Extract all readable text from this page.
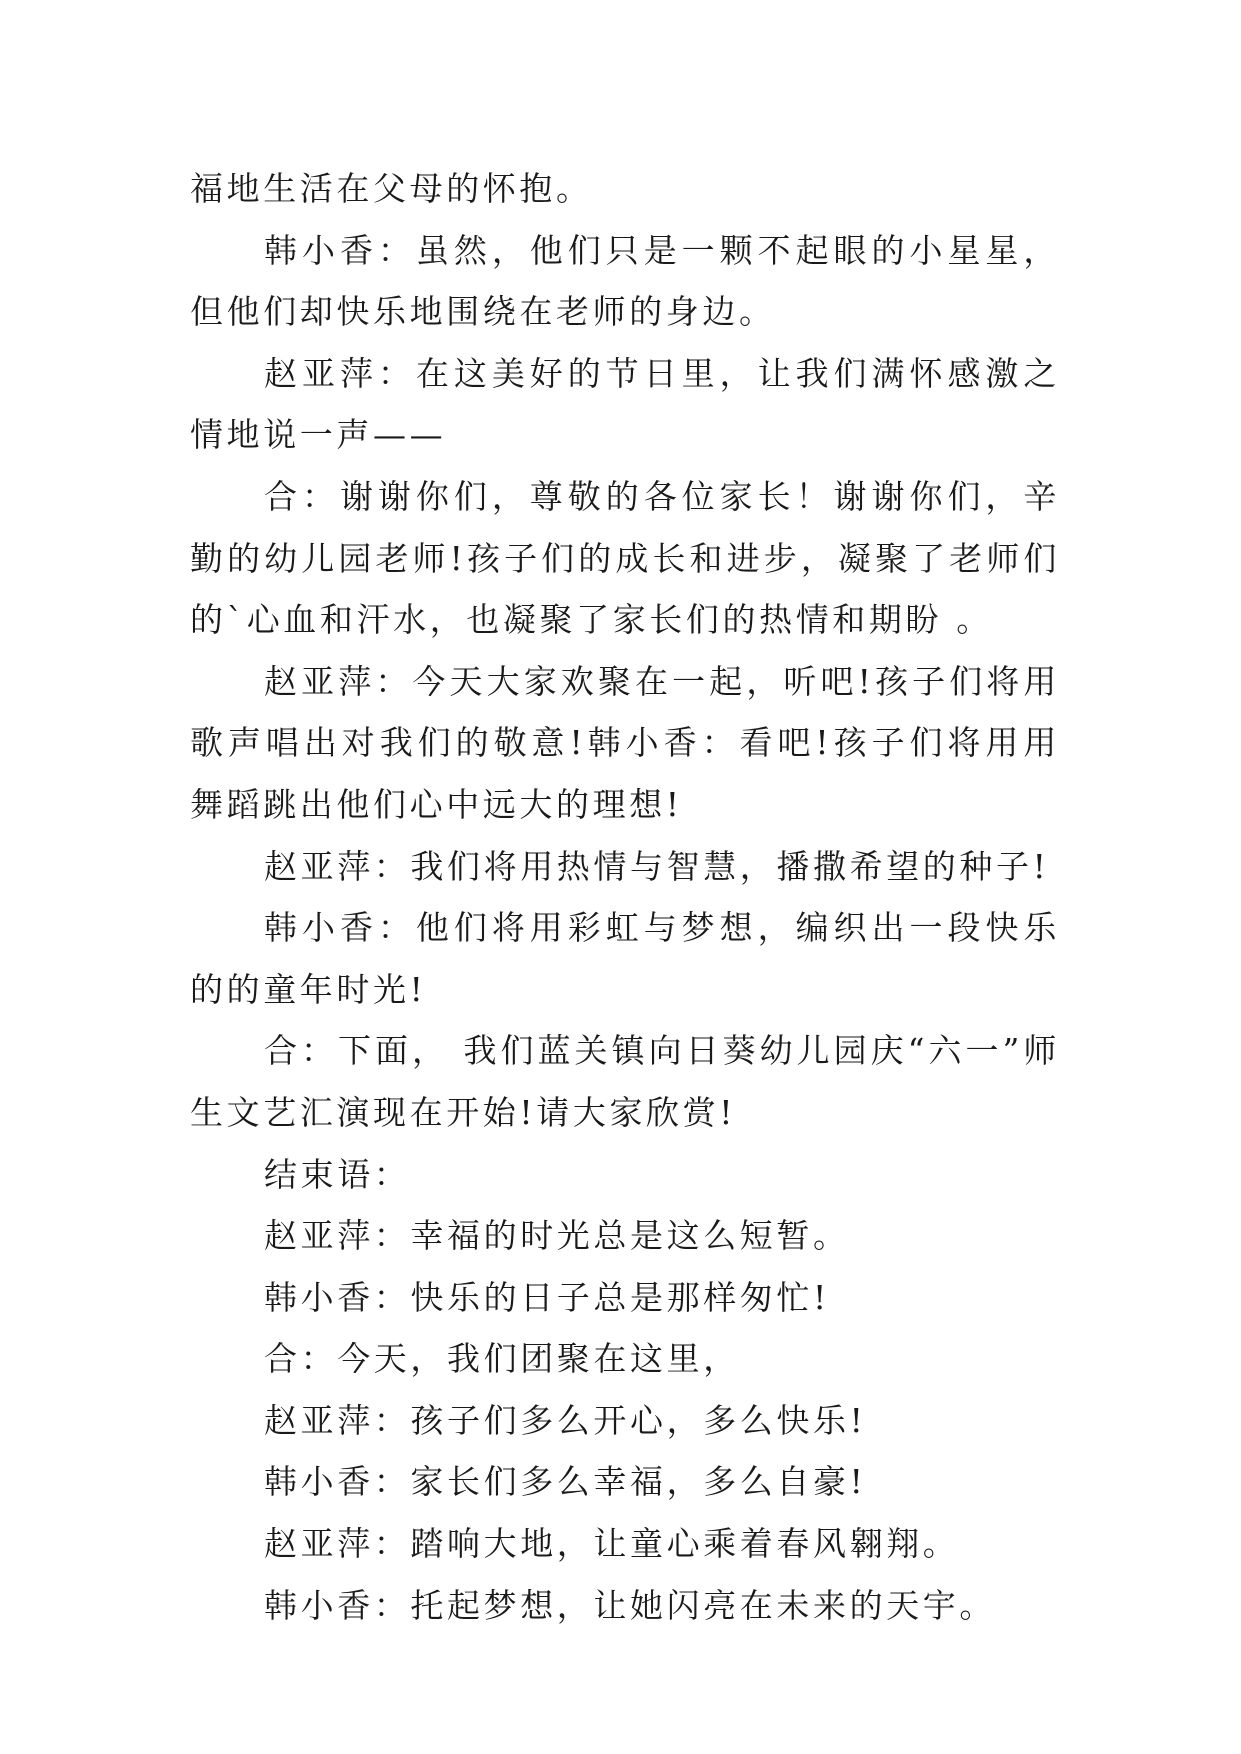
福地生活在父母的怀抱。

韩小香：虽然，他们只是一颗不起眼的小星星，但他们却快乐地围绕在老师的身边。

赵亚萍：在这美好的节日里，让我们满怀感激之情地说一声——

合：谢谢你们，尊敬的各位家长！谢谢你们，辛勤的幼儿园老师!孩子们的成长和进步，凝聚了老师们的`心血和汗水，也凝聚了家长们的热情和期盼 。

赵亚萍：今天大家欢聚在一起，听吧!孩子们将用歌声唱出对我们的敬意!韩小香：看吧!孩子们将用用舞蹈跳出他们心中远大的理想!

赵亚萍：我们将用热情与智慧，播撒希望的种子!

韩小香：他们将用彩虹与梦想，编织出一段快乐的的童年时光!

合：下面， 我们蓝关镇向日葵幼儿园庆“六一”师生文艺汇演现在开始!请大家欣赏!

结束语：

赵亚萍：幸福的时光总是这么短暂。

韩小香：快乐的日子总是那样匆忙!

合：今天，我们团聚在这里，

赵亚萍：孩子们多么开心，多么快乐!

韩小香：家长们多么幸福，多么自豪!

赵亚萍：踏响大地，让童心乘着春风翱翔。

韩小香：托起梦想，让她闪亮在未来的天宇。
